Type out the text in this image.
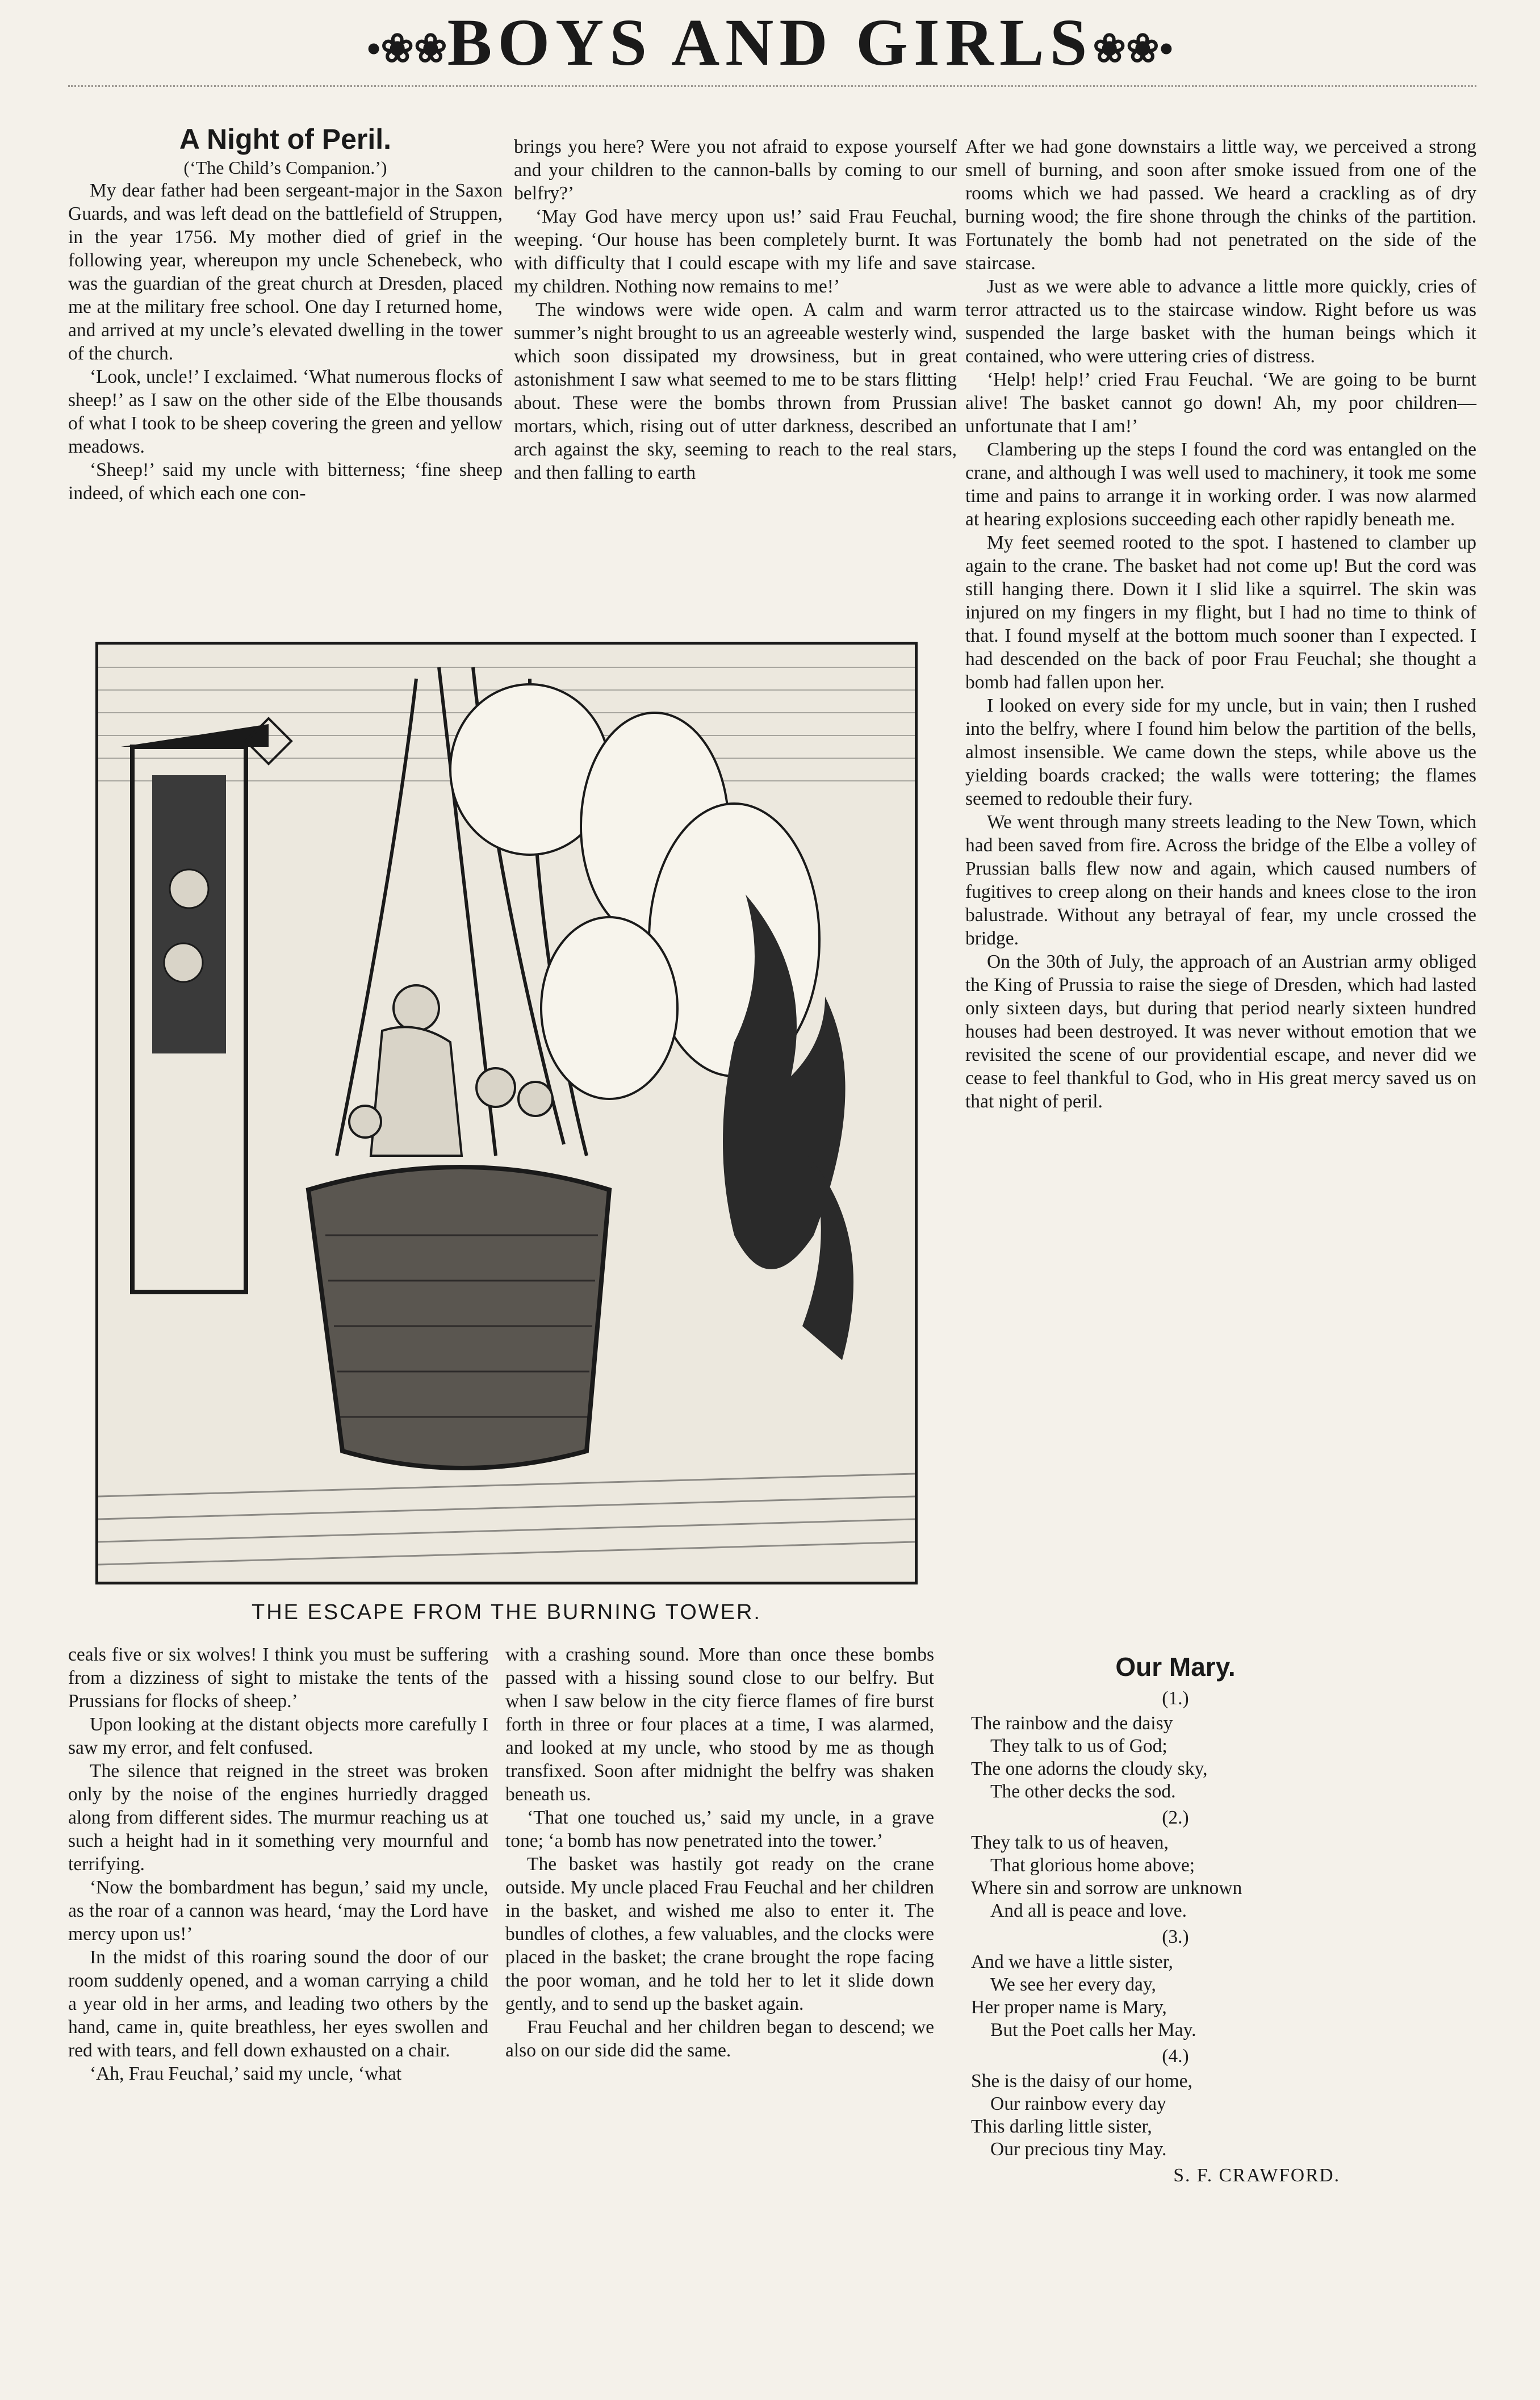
•❀❀BOYS AND GIRLS❀❀•

A Night of Peril.

(‘The Child’s Companion.’)

My dear father had been sergeant-major in the Saxon Guards, and was left dead on the battlefield of Struppen, in the year 1756. My mother died of grief in the following year, whereupon my uncle Schenebeck, who was the guardian of the great church at Dresden, placed me at the military free school. One day I returned home, and arrived at my uncle’s elevated dwelling in the tower of the church.

‘Look, uncle!’ I exclaimed. ‘What numerous flocks of sheep!’ as I saw on the other side of the Elbe thousands of what I took to be sheep covering the green and yellow meadows.

‘Sheep!’ said my uncle with bitterness; ‘fine sheep indeed, of which each one con-

brings you here? Were you not afraid to expose yourself and your children to the cannon-balls by coming to our belfry?’

‘May God have mercy upon us!’ said Frau Feuchal, weeping. ‘Our house has been completely burnt. It was with difficulty that I could escape with my life and save my children. Nothing now remains to me!’

The windows were wide open. A calm and warm summer’s night brought to us an agreeable westerly wind, which soon dissipated my drowsiness, but in great astonishment I saw what seemed to me to be stars flitting about. These were the bombs thrown from Prussian mortars, which, rising out of utter darkness, described an arch against the sky, seeming to reach to the real stars, and then falling to earth

After we had gone downstairs a little way, we perceived a strong smell of burning, and soon after smoke issued from one of the rooms which we had passed. We heard a crackling as of dry burning wood; the fire shone through the chinks of the partition. Fortunately the bomb had not penetrated on the side of the staircase.

Just as we were able to advance a little more quickly, cries of terror attracted us to the staircase window. Right before us was suspended the large basket with the human beings which it contained, who were uttering cries of distress.

‘Help! help!’ cried Frau Feuchal. ‘We are going to be burnt alive! The basket cannot go down! Ah, my poor children—unfortunate that I am!’

Clambering up the steps I found the cord was entangled on the crane, and although I was well used to machinery, it took me some time and pains to arrange it in working order. I was now alarmed at hearing explosions succeeding each other rapidly beneath me.

My feet seemed rooted to the spot. I hastened to clamber up again to the crane. The basket had not come up! But the cord was still hanging there. Down it I slid like a squirrel. The skin was injured on my fingers in my flight, but I had no time to think of that. I found myself at the bottom much sooner than I expected. I had descended on the back of poor Frau Feuchal; she thought a bomb had fallen upon her.

I looked on every side for my uncle, but in vain; then I rushed into the belfry, where I found him below the partition of the bells, almost insensible. We came down the steps, while above us the yielding boards cracked; the walls were tottering; the flames seemed to redouble their fury.

We went through many streets leading to the New Town, which had been saved from fire. Across the bridge of the Elbe a volley of Prussian balls flew now and again, which caused numbers of fugitives to creep along on their hands and knees close to the iron balustrade. Without any betrayal of fear, my uncle crossed the bridge.

On the 30th of July, the approach of an Austrian army obliged the King of Prussia to raise the siege of Dresden, which had lasted only sixteen days, but during that period nearly sixteen hundred houses had been destroyed. It was never without emotion that we revisited the scene of our providential escape, and never did we cease to feel thankful to God, who in His great mercy saved us on that night of peril.

THE ESCAPE FROM THE BURNING TOWER.

ceals five or six wolves! I think you must be suffering from a dizziness of sight to mistake the tents of the Prussians for flocks of sheep.’

Upon looking at the distant objects more carefully I saw my error, and felt confused.

The silence that reigned in the street was broken only by the noise of the engines hurriedly dragged along from different sides. The murmur reaching us at such a height had in it something very mournful and terrifying.

‘Now the bombardment has begun,’ said my uncle, as the roar of a cannon was heard, ‘may the Lord have mercy upon us!’

In the midst of this roaring sound the door of our room suddenly opened, and a woman carrying a child a year old in her arms, and leading two others by the hand, came in, quite breathless, her eyes swollen and red with tears, and fell down exhausted on a chair.

‘Ah, Frau Feuchal,’ said my uncle, ‘what

with a crashing sound. More than once these bombs passed with a hissing sound close to our belfry. But when I saw below in the city fierce flames of fire burst forth in three or four places at a time, I was alarmed, and looked at my uncle, who stood by me as though transfixed. Soon after midnight the belfry was shaken beneath us.

‘That one touched us,’ said my uncle, in a grave tone; ‘a bomb has now penetrated into the tower.’

The basket was hastily got ready on the crane outside. My uncle placed Frau Feuchal and her children in the basket, and wished me also to enter it. The bundles of clothes, a few valuables, and the clocks were placed in the basket; the crane brought the rope facing the poor woman, and he told her to let it slide down gently, and to send up the basket again.

Frau Feuchal and her children began to descend; we also on our side did the same.

Our Mary.

(1.)
The rainbow and the daisy
They talk to us of God;
The one adorns the cloudy sky,
The other decks the sod.
(2.)
They talk to us of heaven,
That glorious home above;
Where sin and sorrow are unknown
And all is peace and love.
(3.)
And we have a little sister,
We see her every day,
Her proper name is Mary,
But the Poet calls her May.
(4.)
She is the daisy of our home,
Our rainbow every day
This darling little sister,
Our precious tiny May.
S. F. CRAWFORD.
